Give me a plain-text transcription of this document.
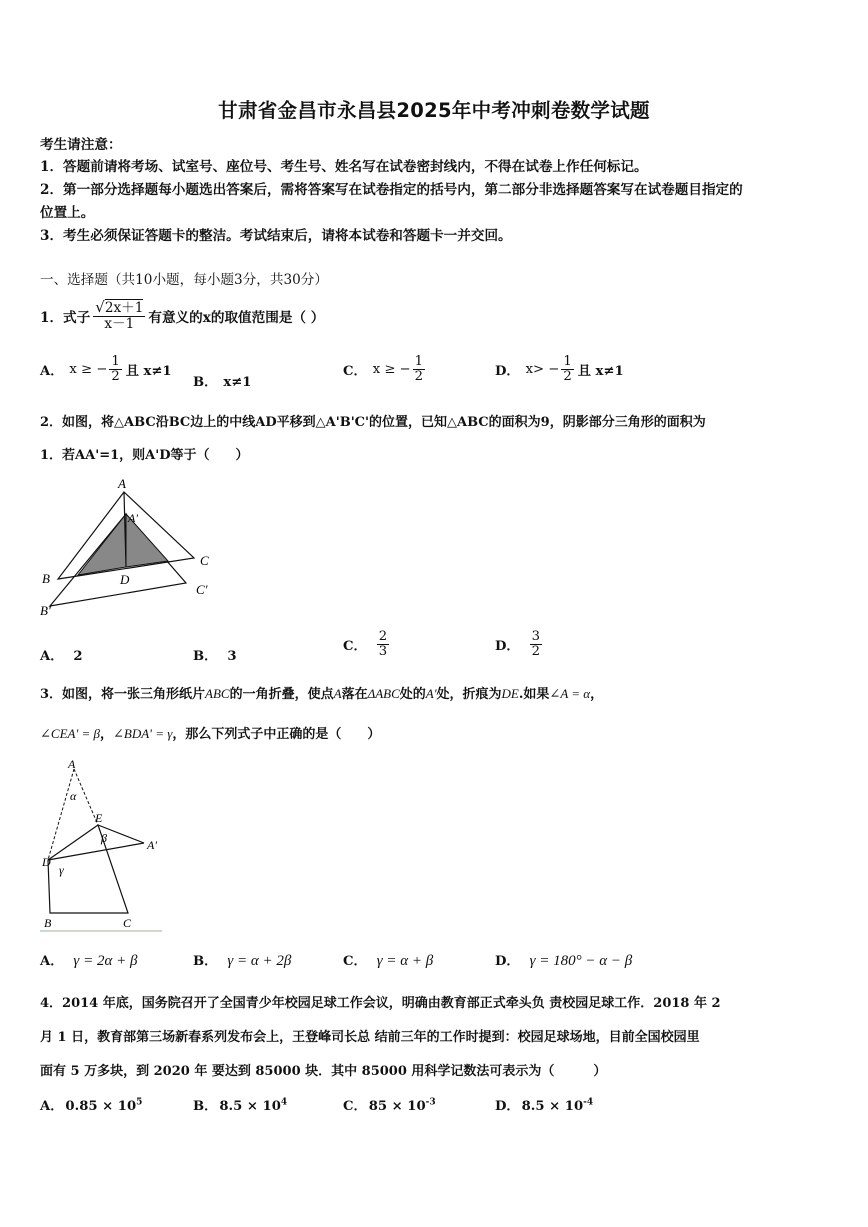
甘肃省金昌市永昌县2025年中考冲刺卷数学试题
考生请注意：
1．答题前请将考场、试室号、座位号、考生号、姓名写在试卷密封线内，不得在试卷上作任何标记。
2．第一部分选择题每小题选出答案后，需将答案写在试卷指定的括号内，第二部分非选择题答案写在试卷题目指定的
位置上。
3．考生必须保证答题卡的整洁。考试结束后，请将本试卷和答题卡一并交回。
一、选择题（共10小题，每小题3分，共30分）
1．式子 $\frac{√2x+1}{x-1}$ 有意义的x的取值范围是（ ）
A． x ≥ − $\frac{1}{2}$ 且 x≠1
B． x≠1
C． x ≥ − $\frac{1}{2}$	D． $x> - \frac{1}{2}$ 且 x≠1
2．如图，将△ABC沿BC边上的中线AD平移到△A'B'C'的位置，已知△ABC的面积为9，阴影部分三角形的面积为
1．若AA'=1，则A'D等于（　　）
A
A'
B
B'
C
C'
D
A． 2	B． 3
C． $\frac{2}{3}$	D． $\frac{3}{2}$
3．如图，将一张三角形纸片ABC的一角折叠，使点A落在ΔABC处的A'处，折痕为DE.如果∠A = α，
∠CEA' = β，∠BDA' = γ，那么下列式子中正确的是（　　）
A
α
E
β	A'
D
γ
B	C
A． γ = 2α + β	B． γ = α + 2β	C． γ = α + β	D． γ = 180° − α − β
4．2014 年底，国务院召开了全国青少年校园足球工作会议，明确由教育部正式牵头负 责校园足球工作．2018 年 2
月 1 日，教育部第三场新春系列发布会上，王登峰司长总 结前三年的工作时提到：校园足球场地，目前全国校园里
面有 5 万多块，到 2020 年 要达到 85000 块．其中 85000 用科学记数法可表示为（　　　）
A． $0.85 \times 10^5$	B． $8.5 \times 10^4$	C． $85 \times 10^{-3}$	D． $8.5 \times 10^{-4}$
